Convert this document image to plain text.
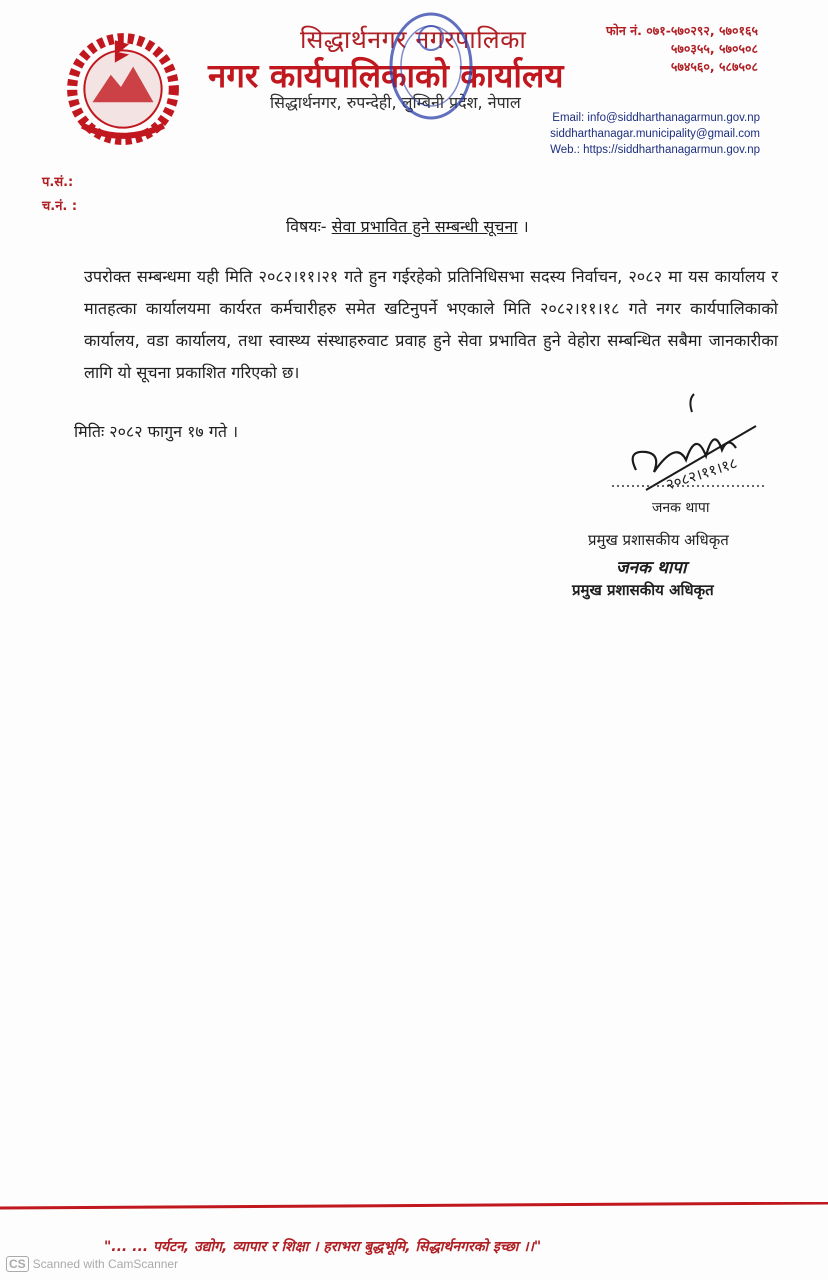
सिद्धार्थनगर नगरपालिका
नगर कार्यपालिकाको कार्यालय
सिद्धार्थनगर, रुपन्देही, लुम्बिनी प्रदेश, नेपाल
फोन नं. ०७१-५७०२९२, ५७०१६५
५७०३५५, ५७०५०८
५७४५६०, ५८७५०८
Email: info@siddharthanagarmun.gov.np
siddharthanagar.municipality@gmail.com
Web.: https://siddharthanagarmun.gov.np
प.सं.:
च.नं. :
विषयः- सेवा प्रभावित हुने सम्बन्धी सूचना ।
उपरोक्त सम्बन्धमा यही मिति २०८२।११।२१ गते हुन गईरहेको प्रतिनिधिसभा सदस्य निर्वाचन, २०८२ मा यस कार्यालय र मातहत्का कार्यालयमा कार्यरत कर्मचारीहरु समेत खटिनुपर्ने भएकाले मिति २०८२।११।१८ गते नगर कार्यपालिकाको कार्यालय, वडा कार्यालय, तथा स्वास्थ्य संस्थाहरुवाट प्रवाह हुने सेवा प्रभावित हुने वेहोरा सम्बन्धित सबैमा जानकारीका लागि यो सूचना प्रकाशित गरिएको छ।
मितिः २०८२ फागुन १७ गते ।
२०८२।११।१८
जनक थापा
प्रमुख प्रशासकीय अधिकृत
जनक थापा
प्रमुख प्रशासकीय अधिकृत
"... ... पर्यटन, उद्योग, व्यापार र शिक्षा । हराभरा बुद्धभूमि, सिद्धार्थनगरको इच्छा ।।"
CS Scanned with CamScanner
